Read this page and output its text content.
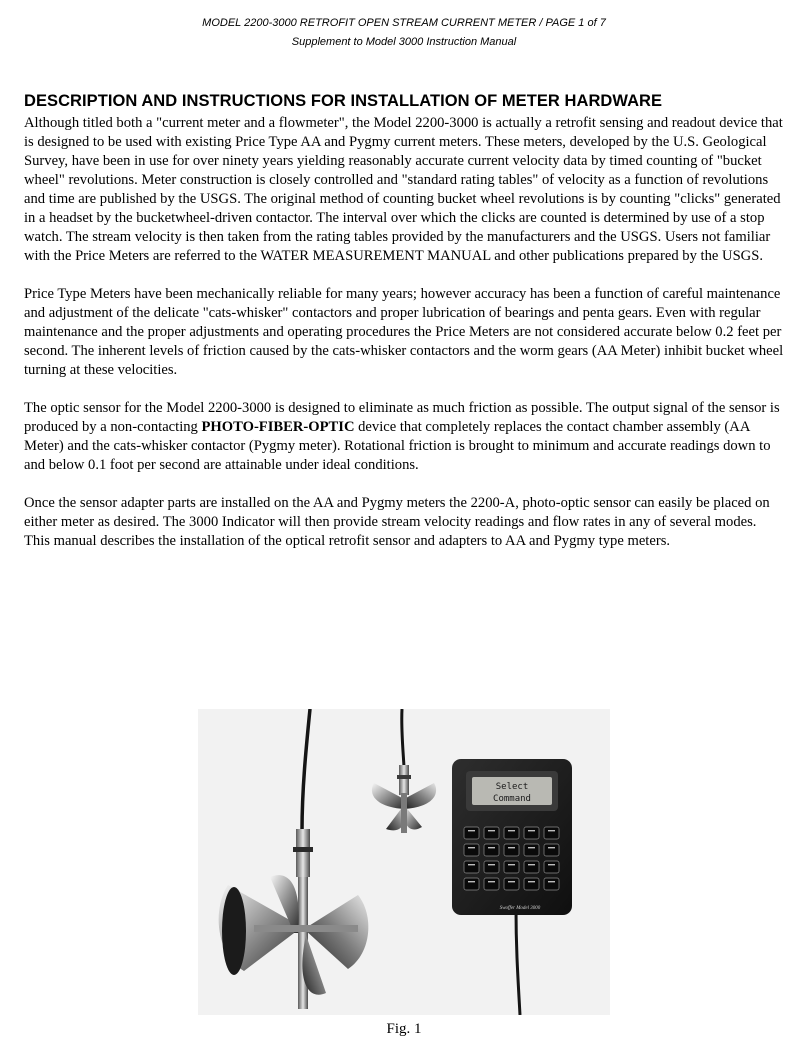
MODEL 2200-3000 RETROFIT OPEN STREAM CURRENT METER / PAGE 1 of 7
Supplement to Model 3000 Instruction Manual
DESCRIPTION AND INSTRUCTIONS FOR INSTALLATION OF METER HARDWARE

Although titled both a "current meter and a flowmeter", the Model 2200-3000 is actually a retrofit sensing and readout device that is designed to be used with existing Price Type AA and Pygmy current meters. These meters, developed by the U.S. Geological Survey, have been in use for over ninety years yielding reasonably accurate current velocity data by timed counting of "bucket wheel" revolutions. Meter construction is closely controlled and "standard rating tables" of velocity as a function of revolutions and time are published by the USGS. The original method of counting bucket wheel revolutions is by counting "clicks" generated in a headset by the bucketwheel-driven contactor. The interval over which the clicks are counted is determined by use of a stop watch. The stream velocity is then taken from the rating tables provided by the manufacturers and the USGS. Users not familiar with the Price Meters are referred to the WATER MEASUREMENT MANUAL and other publications prepared by the USGS.

Price Type Meters have been mechanically reliable for many years; however accuracy has been a function of careful maintenance and adjustment of the delicate "cats-whisker" contactors and proper lubrication of bearings and penta gears. Even with regular maintenance and the proper adjustments and operating procedures the Price Meters are not considered accurate below 0.2 feet per second. The inherent levels of friction caused by the cats-whisker contactors and the worm gears (AA Meter) inhibit bucket wheel turning at these velocities.

The optic sensor for the Model 2200-3000 is designed to eliminate as much friction as possible. The output signal of the sensor is produced by a non-contacting PHOTO-FIBER-OPTIC device that completely replaces the contact chamber assembly (AA Meter) and the cats-whisker contactor (Pygmy meter). Rotational friction is brought to minimum and accurate readings down to and below 0.1 foot per second are attainable under ideal conditions.

Once the sensor adapter parts are installed on the AA and Pygmy meters the 2200-A, photo-optic sensor can easily be placed on either meter as desired. The 3000 Indicator will then provide stream velocity readings and flow rates in any of several modes. This manual describes the installation of the optical retrofit sensor and adapters to AA and Pygmy type meters.

Select
Command
Swoffer Model 3000
Fig. 1
